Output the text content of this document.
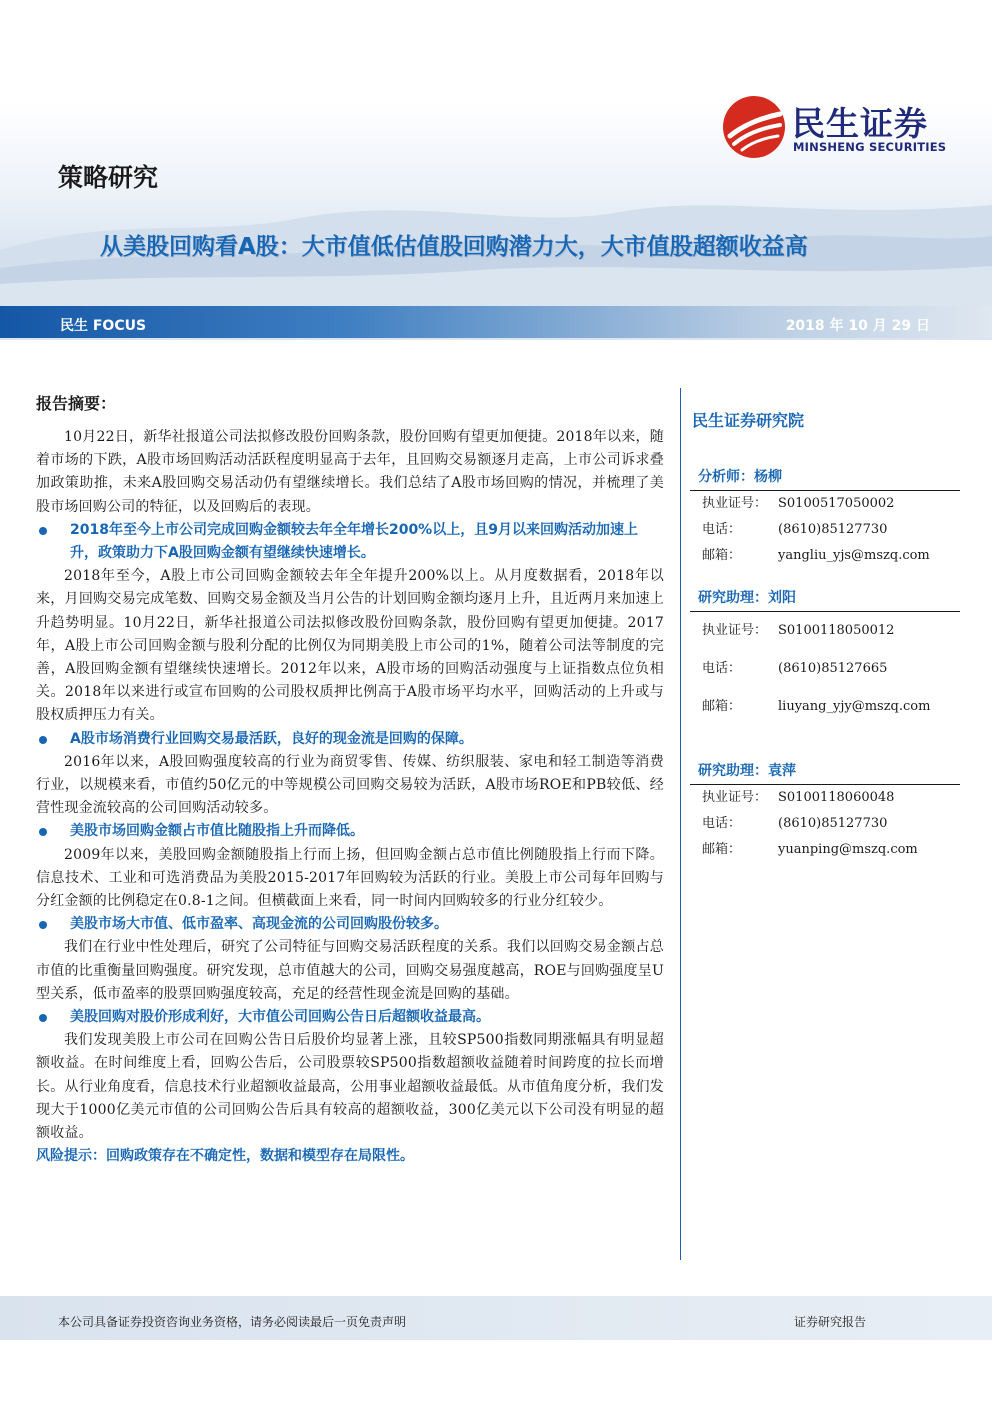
民生证券
MINSHENG SECURITIES
策略研究
从美股回购看A股：大市值低估值股回购潜力大，大市值股超额收益高
民生 FOCUS	2018 年 10 月 29 日
报告摘要：

10月22日，新华社报道公司法拟修改股份回购条款，股份回购有望更加便捷。2018年以来，随着市场的下跌，A股市场回购活动活跃程度明显高于去年，且回购交易额逐月走高，上市公司诉求叠加政策助推，未来A股回购交易活动仍有望继续增长。我们总结了A股市场回购的情况，并梳理了美股市场回购公司的特征，以及回购后的表现。

2018年至今上市公司完成回购金额较去年全年增长200%以上，且9月以来回购活动加速上升，政策助力下A股回购金额有望继续快速增长。

2018年至今，A股上市公司回购金额较去年全年提升200%以上。从月度数据看，2018年以来，月回购交易完成笔数、回购交易金额及当月公告的计划回购金额均逐月上升，且近两月来加速上升趋势明显。10月22日，新华社报道公司法拟修改股份回购条款，股份回购有望更加便捷。2017年，A股上市公司回购金额与股利分配的比例仅为同期美股上市公司的1%，随着公司法等制度的完善，A股回购金额有望继续快速增长。2012年以来，A股市场的回购活动强度与上证指数点位负相关。2018年以来进行或宣布回购的公司股权质押比例高于A股市场平均水平，回购活动的上升或与股权质押压力有关。

A股市场消费行业回购交易最活跃，良好的现金流是回购的保障。

2016年以来，A股回购强度较高的行业为商贸零售、传媒、纺织服装、家电和轻工制造等消费行业，以规模来看，市值约50亿元的中等规模公司回购交易较为活跃，A股市场ROE和PB较低、经营性现金流较高的公司回购活动较多。

美股市场回购金额占市值比随股指上升而降低。

2009年以来，美股回购金额随股指上行而上扬，但回购金额占总市值比例随股指上行而下降。信息技术、工业和可选消费品为美股2015-2017年回购较为活跃的行业。美股上市公司每年回购与分红金额的比例稳定在0.8-1之间。但横截面上来看，同一时间内回购较多的行业分红较少。

美股市场大市值、低市盈率、高现金流的公司回购股份较多。

我们在行业中性处理后，研究了公司特征与回购交易活跃程度的关系。我们以回购交易金额占总市值的比重衡量回购强度。研究发现，总市值越大的公司，回购交易强度越高，ROE与回购强度呈U型关系，低市盈率的股票回购强度较高，充足的经营性现金流是回购的基础。

美股回购对股价形成利好，大市值公司回购公告日后超额收益最高。

我们发现美股上市公司在回购公告日后股价均显著上涨，且较SP500指数同期涨幅具有明显超额收益。在时间维度上看，回购公告后，公司股票较SP500指数超额收益随着时间跨度的拉长而增长。从行业角度看，信息技术行业超额收益最高，公用事业超额收益最低。从市值角度分析，我们发现大于1000亿美元市值的公司回购公告后具有较高的超额收益，300亿美元以下公司没有明显的超额收益。

风险提示：回购政策存在不确定性，数据和模型存在局限性。

民生证券研究院
分析师：杨柳
执业证号： S0100517050002
电话：	(8610)85127730
邮箱：	yangliu_yjs@mszq.com
研究助理：刘阳
执业证号： S0100118050012
电话：	(8610)85127665
邮箱：	liuyang_yjy@mszq.com
研究助理：袁萍
执业证号： S0100118060048
电话：	(8610)85127730
邮箱：	yuanping@mszq.com
本公司具备证券投资咨询业务资格，请务必阅读最后一页免责声明	证券研究报告
